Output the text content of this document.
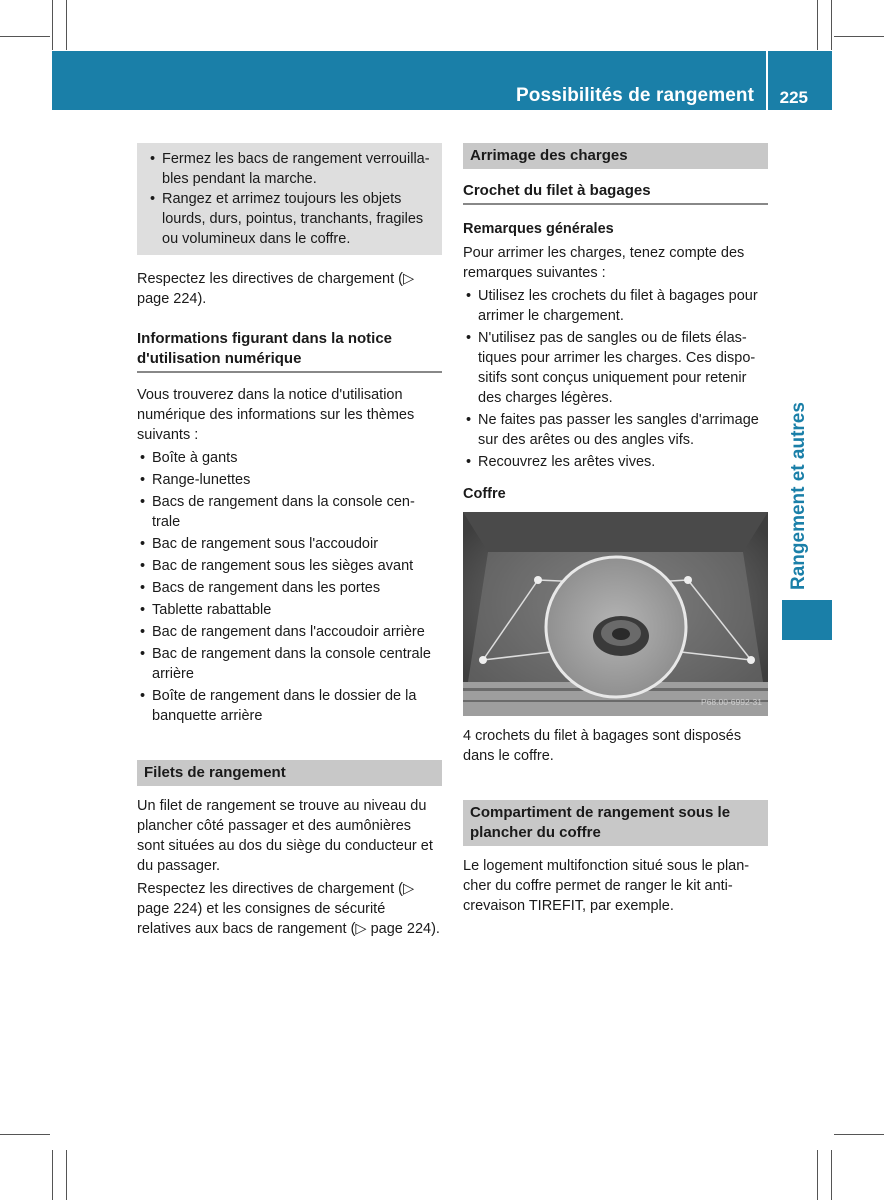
Possibilités de rangement 225
Rangement et autres
• Fermez les bacs de rangement verrouilla- bles pendant la marche.
• Rangez et arrimez toujours les objets lourds, durs, pointus, tranchants, fragiles ou volumineux dans le coffre.

Respectez les directives de chargement (▷ page 224).

Informations figurant dans la notice d'utilisation numérique

Vous trouverez dans la notice d'utilisation numérique des informations sur les thèmes suivants :

• Boîte à gants
• Range-lunettes
• Bacs de rangement dans la console cen- trale
• Bac de rangement sous l'accoudoir
• Bac de rangement sous les sièges avant
• Bacs de rangement dans les portes
• Tablette rabattable
• Bac de rangement dans l'accoudoir arrière
• Bac de rangement dans la console centrale arrière
• Boîte de rangement dans le dossier de la banquette arrière
Filets de rangement

Un filet de rangement se trouve au niveau du plancher côté passager et des aumônières sont situées au dos du siège du conducteur et du passager.

Respectez les directives de chargement (▷ page 224) et les consignes de sécurité relatives aux bacs de rangement (▷ page 224).

Arrimage des charges
Crochet du filet à bagages
Remarques générales

Pour arrimer les charges, tenez compte des remarques suivantes :

• Utilisez les crochets du filet à bagages pour arrimer le chargement.
• N'utilisez pas de sangles ou de filets élas- tiques pour arrimer les charges. Ces dispo- sitifs sont conçus uniquement pour retenir des charges légères.
• Ne faites pas passer les sangles d'arrimage sur des arêtes ou des angles vifs.
• Recouvrez les arêtes vives.
Coffre
P68.00-6992-31

4 crochets du filet à bagages sont disposés dans le coffre.

Compartiment de rangement sous le plancher du coffre

Le logement multifonction situé sous le plan- cher du coffre permet de ranger le kit anti- crevaison TIREFIT, par exemple.
